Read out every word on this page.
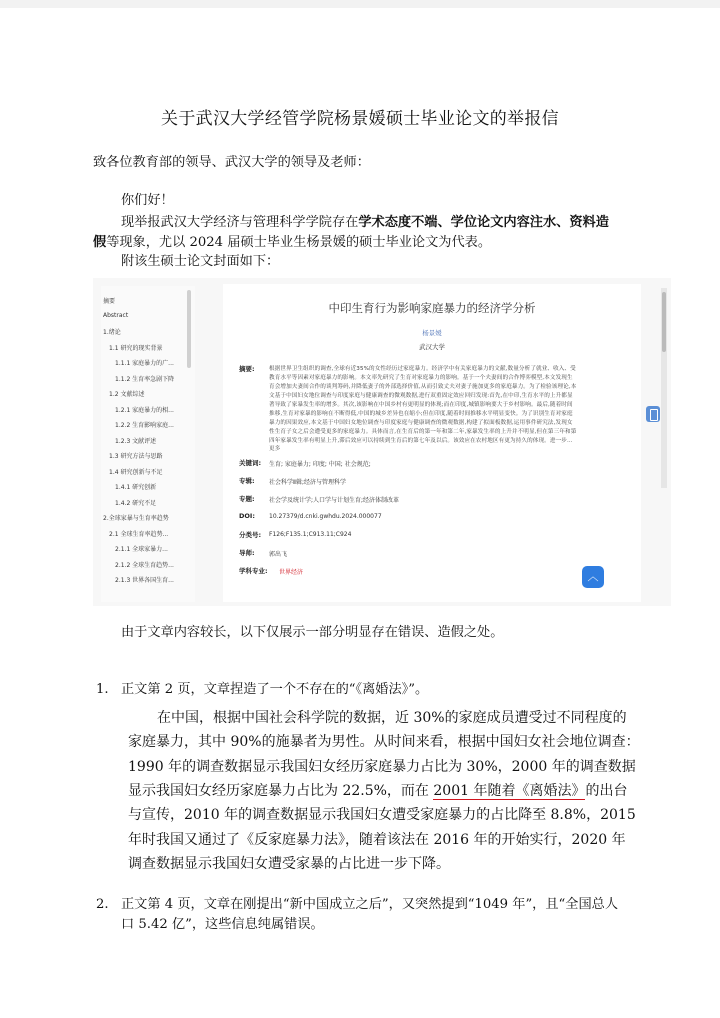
关于武汉大学经管学院杨景媛硕士毕业论文的举报信
致各位教育部的领导、武汉大学的领导及老师：
你们好！
现举报武汉大学经济与管理科学学院存在学术态度不端、学位论文内容注水、资料造
假等现象，尤以 2024 届硕士毕业生杨景媛的硕士毕业论文为代表。
附该生硕士论文封面如下：
摘要
Abstract
1.绪论
1.1 研究的现实背景
1.1.1 家庭暴力的广...
1.1.2 生育率急剧下降
1.2 文献综述
1.2.1 家庭暴力的相...
1.2.2 生育影响家庭...
1.2.3 文献评述
1.3 研究方法与思路
1.4 研究创新与不足
1.4.1 研究创新
1.4.2 研究不足
2.全球家暴与生育率趋势
2.1 全球生育率趋势...
2.1.1 全球家暴力...
2.1.2 全球生育趋势...
2.1.3 世界各国生育...
中印生育行为影响家庭暴力的经济学分析
杨景媛
武汉大学
摘要:	根据世界卫生组织的调查,全球有近35%的女性经历过家庭暴力。经济学中有关家庭暴力的文献,数量分析了就业、收入、受
教育水平等因素对家庭暴力的影响。本文率先研究了生育对家庭暴力的影响。基于一个夫妻间的合作博弈模型,本文发现生
育会增加夫妻间合作的谈判筹码,并降低妻子的外部选择价值,从而引致丈夫对妻子施加更多的家庭暴力。为了检验该理论,本
文基于中国妇女地位调查与印度家庭与健康调查的微观数据,进行双重固定效应回归发现:首先,在中印,生育水平的上升都显
著导致了家暴发生率的增多。其次,该影响在中国乡村有更明显的体现;而在印度,城镇影响要大于乡村影响。最后,随着时间
推移,生育对家暴的影响在不断得低,中国的城乡差异也在缩小;但在印度,随着时间推移水平明显变快。为了识别生育对家庭
暴力的因果效应,本文基于中国妇女地位调查与印度家庭与健康调查的微观数据,构建了拟面板数据,运用事件研究法,发现女
性生育子女之后会遭受更多的家庭暴力。具体而言,在生育后的第一年和第二年,家暴发生率的上升并不明显,但在第三年和第
四年家暴发生率有明显上升,滞后效应可以持续到生育后的第七年及以后。该效应在农村地区有更为持久的体现。进一步...
更多
关键词: 生育; 家庭暴力; 印度; 中国; 社会规范;
专辑: 社会科学Ⅱ辑;经济与管理科学
专题: 社会学及统计学;人口学与计划生育;经济体制改革
DOI: 10.27379/d.cnki.gwhdu.2024.000077
分类号: F126;F135.1;C913.11;C924
导师: 郭出飞
学科专业: 世界经济	︿
由于文章内容较长，以下仅展示一部分明显存在错误、造假之处。
1. 正文第 2 页，文章捏造了一个不存在的“《离婚法》”。
在中国，根据中国社会科学院的数据，近 30%的家庭成员遭受过不同程度的
家庭暴力，其中 90%的施暴者为男性。从时间来看，根据中国妇女社会地位调查：
1990 年的调查数据显示我国妇女经历家庭暴力占比为 30%，2000 年的调查数据
显示我国妇女经历家庭暴力占比为 22.5%，而在 2001 年随着《离婚法》的出台
与宣传，2010 年的调查数据显示我国妇女遭受家庭暴力的占比降至 8.8%，2015
年时我国又通过了《反家庭暴力法》，随着该法在 2016 年的开始实行，2020 年
调查数据显示我国妇女遭受家暴的占比进一步下降。
2. 正文第 4 页，文章在刚提出“新中国成立之后”，又突然提到“1049 年”，且“全国总人
口 5.42 亿”，这些信息纯属错误。
